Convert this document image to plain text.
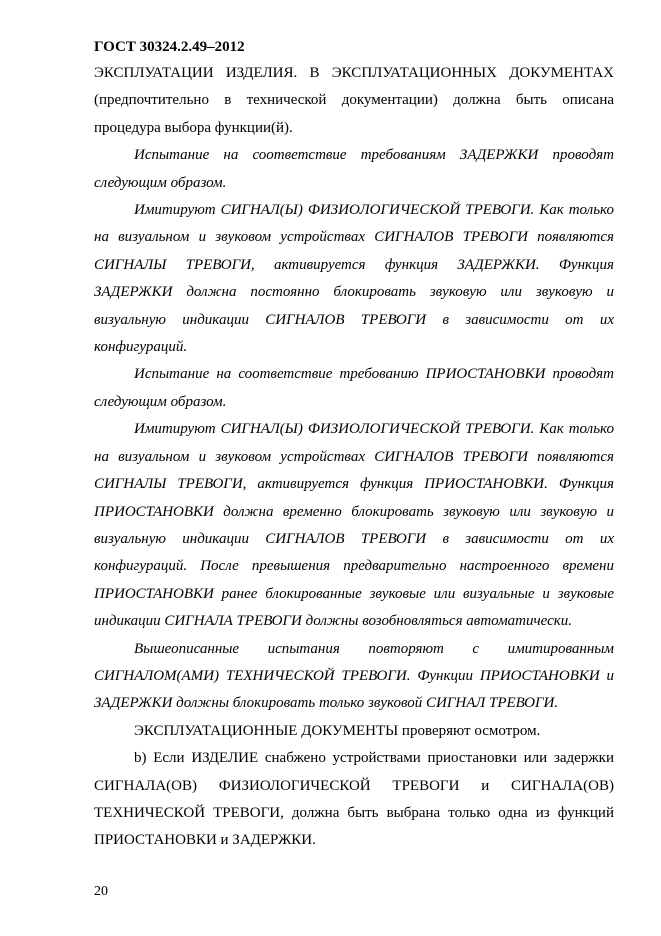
ГОСТ 30324.2.49–2012

ЭКСПЛУАТАЦИИ ИЗДЕЛИЯ. В ЭКСПЛУАТАЦИОННЫХ ДОКУМЕНТАХ (предпочтительно в технической документации) должна быть описана процедура выбора функции(й).

Испытание на соответствие требованиям ЗАДЕРЖКИ проводят следующим образом.

Имитируют СИГНАЛ(Ы) ФИЗИОЛОГИЧЕСКОЙ ТРЕВОГИ. Как только на визуальном и звуковом устройствах СИГНАЛОВ ТРЕВОГИ появляются СИГНАЛЫ ТРЕВОГИ, активируется функция ЗАДЕРЖКИ. Функция ЗАДЕРЖКИ должна постоянно блокировать звуковую или звуковую и визуальную индикации СИГНАЛОВ ТРЕВОГИ в зависимости от их конфигураций.

Испытание на соответствие требованию ПРИОСТАНОВКИ проводят следующим образом.

Имитируют СИГНАЛ(Ы) ФИЗИОЛОГИЧЕСКОЙ ТРЕВОГИ. Как только на визуальном и звуковом устройствах СИГНАЛОВ ТРЕВОГИ появляются СИГНАЛЫ ТРЕВОГИ, активируется функция ПРИОСТАНОВКИ. Функция ПРИОСТАНОВКИ должна временно блокировать звуковую или звуковую и визуальную индикации СИГНАЛОВ ТРЕВОГИ в зависимости от их конфигураций. После превышения предварительно настроенного времени ПРИОСТАНОВКИ ранее блокированные звуковые или визуальные и звуковые индикации СИГНАЛА ТРЕВОГИ должны возобновляться автоматически.

Вышеописанные испытания повторяют с имитированным СИГНАЛОМ(АМИ) ТЕХНИЧЕСКОЙ ТРЕВОГИ. Функции ПРИОСТАНОВКИ и ЗАДЕРЖКИ должны блокировать только звуковой СИГНАЛ ТРЕВОГИ.

ЭКСПЛУАТАЦИОННЫЕ ДОКУМЕНТЫ проверяют осмотром.

b) Если ИЗДЕЛИЕ снабжено устройствами приостановки или задержки СИГНАЛА(ОВ) ФИЗИОЛОГИЧЕСКОЙ ТРЕВОГИ и СИГНАЛА(ОВ) ТЕХНИЧЕСКОЙ ТРЕВОГИ, должна быть выбрана только одна из функций ПРИОСТАНОВКИ и ЗАДЕРЖКИ.

20
